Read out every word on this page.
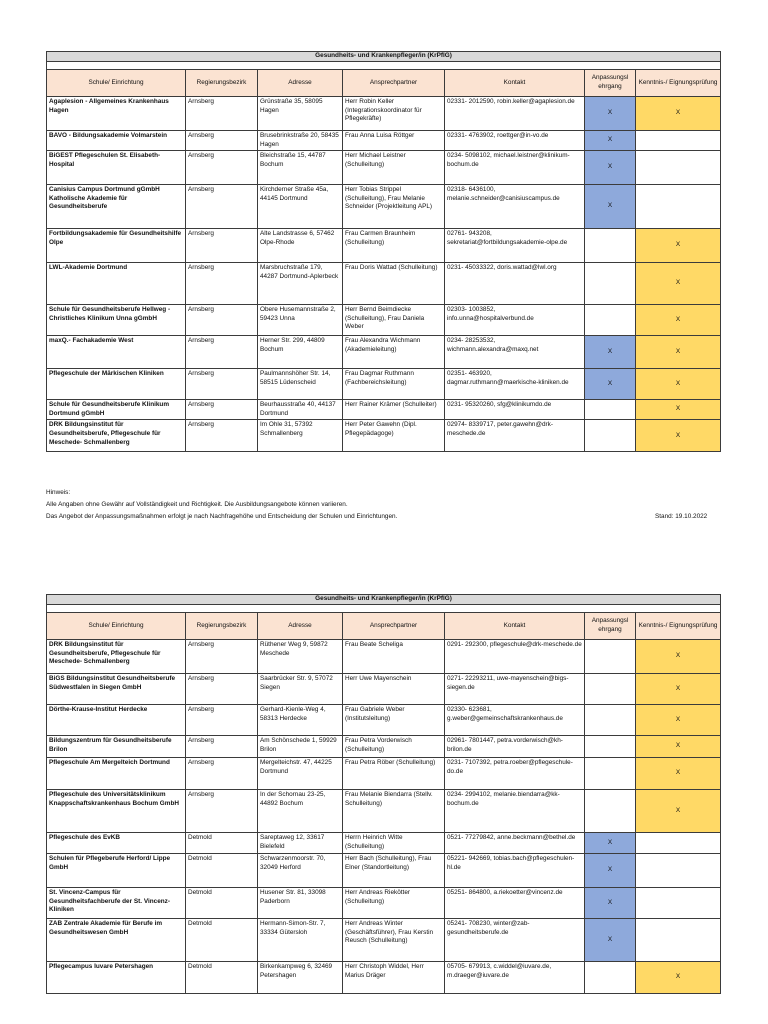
Gesundheits- und Krankenpfleger/in (KrPflG)						

Schule/ Einrichtung	Regierungsbezirk	Adresse	Ansprechpartner	Kontakt	Anpassungsl ehrgang	Kenntnis-/ Eignungsprüfung
Agaplesion - Allgemeines Krankenhaus Hagen	Arnsberg	Grünstraße 35, 58095 Hagen	Herr Robin Keller (Integrationskoordinator für Pflegekräfte)	02331- 2012590, robin.keller@agaplesion.de	X	X
BAVO - Bildungsakademie Volmarstein	Arnsberg	Brusebrinkstraße 20, 58435 Hagen	Frau Anna Luisa Röttger	02331- 4763902, roettger@in-vo.de	X	
BiGEST Pflegeschulen St. Elisabeth-Hospital	Arnsberg	Bleichstraße 15, 44787 Bochum	Herr Michael Leistner (Schulleitung)	0234- 5098102, michael.leistner@klinikum-bochum.de	X	
Canisius Campus Dortmund gGmbH Katholische Akademie für Gesundheitsberufe	Arnsberg	Kirchderner Straße 45a, 44145 Dortmund	Herr Tobias Strippel (Schulleitung), Frau Melanie Schneider (Projektleitung APL)	02318- 6436100, melanie.schneider@canisiuscampus.de	X	
Fortbildungsakademie für Gesundheitshilfe Olpe	Arnsberg	Alte Landstrasse 6, 57462 Olpe-Rhode	Frau Carmen Braunheim (Schulleitung)	02761- 943208, sekretariat@fortbildungsakademie-olpe.de		X
LWL-Akademie Dortmund	Arnsberg	Marsbruchstraße 179, 44287 Dortmund-Aplerbeck	Frau Doris Wattad (Schulleitung)	0231- 45033322, doris.wattad@lwl.org		X
Schule für Gesundheitsberufe Hellweg - Christliches Klinikum Unna gGmbH	Arnsberg	Obere Husemannstraße 2, 59423 Unna	Herr Bernd Beimdiecke (Schulleitung), Frau Daniela Weber	02303- 1003852, info.unna@hospitalverbund.de		X
maxQ.- Fachakademie West	Arnsberg	Herner Str. 299, 44809 Bochum	Frau Alexandra Wichmann (Akademieleitung)	0234- 28253532, wichmann.alexandra@maxq.net	X	X
Pflegeschule der Märkischen Kliniken	Arnsberg	Paulmannshöher Str. 14, 58515 Lüdenscheid	Frau Dagmar Ruthmann (Fachbereichsleitung)	02351- 463920, dagmar.ruthmann@maerkische-kliniken.de	X	X
Schule für Gesundheitsberufe Klinikum Dortmund gGmbH	Arnsberg	Beurhausstraße 40, 44137 Dortmund	Herr Rainer Krämer (Schulleiter)	0231- 95320260, sfg@klinikumdo.de		X
DRK Bildungsinstitut für Gesundheitsberufe, Pflegeschule für Meschede- Schmallenberg	Arnsberg	Im Ohle 31, 57392 Schmallenberg	Herr Peter Gawehn (Dipl. Pflegepädagoge)	02974- 8339717, peter.gawehn@drk-meschede.de		X
Hinweis:
Alle Angaben ohne Gewähr auf Vollständigkeit und Richtigkeit. Die Ausbildungsangebote können variieren.
Das Angebot der Anpassungsmaßnahmen erfolgt je nach Nachfragehöhe und Entscheidung der Schulen und Einrichtungen.	Stand: 19.10.2022
Gesundheits- und Krankenpfleger/in (KrPflG)						

Schule/ Einrichtung	Regierungsbezirk	Adresse	Ansprechpartner	Kontakt	Anpassungsl ehrgang	Kenntnis-/ Eignungsprüfung
DRK Bildungsinstitut für Gesundheitsberufe, Pflegeschule für Meschede- Schmallenberg	Arnsberg	Rüthener Weg 9, 59872 Meschede	Frau Beate Scheliga	0291- 292300, pflegeschule@drk-meschede.de		X
BiGS Bildungsinstitut Gesundheitsberufe Südwestfalen in Siegen GmbH	Arnsberg	Saarbrücker Str. 9, 57072 Siegen	Herr Uwe Mayenschein	0271- 22293211, uwe-mayenschein@bigs-siegen.de		X
Dörthe-Krause-Institut Herdecke	Arnsberg	Gerhard-Kienle-Weg 4, 58313 Herdecke	Frau Gabriele Weber (Institutsleitung)	02330- 623681, g.weber@gemeinschaftskrankenhaus.de		X
Bildungszentrum für Gesundheitsberufe Brilon	Arnsberg	Am Schönschede 1, 59929 Brilon	Frau Petra Vorderwisch (Schulleitung)	02961- 7801447, petra.vorderwisch@kh-brilon.de		X
Pflegeschule Am Mergelteich Dortmund	Arnsberg	Mergelteichstr. 47, 44225 Dortmund	Frau Petra Röber (Schulleitung)	0231- 7107392, petra.roeber@pflegeschule-do.de		X
Pflegeschule des Universitätsklinikum Knappschaftskrankenhaus Bochum GmbH	Arnsberg	In der Schornau 23-25, 44892 Bochum	Frau Melanie Biendarra (Stellv. Schulleitung)	0234- 2994102, melanie.biendarra@kk-bochum.de		X
Pflegeschule des EvKB	Detmold	Sareptaweg 12, 33617 Bielefeld	Herrn Heinrich Witte (Schulleitung)	0521- 77279842, anne.beckmann@bethel.de	X	
Schulen für Pflegeberufe Herford/ Lippe GmbH	Detmold	Schwarzenmoorstr. 70, 32049 Herford	Herr Bach (Schulleitung), Frau Elner (Standortleitung)	05221- 942669, tobias.bach@pflegeschulen-hl.de	X	
St. Vincenz-Campus für Gesundheitsfachberufe der St. Vincenz-Kliniken	Detmold	Husener Str. 81, 33098 Paderborn	Herr Andreas Riekötter (Schulleitung)	05251- 864800, a.riekoetter@vincenz.de	X	
ZAB Zentrale Akademie für Berufe im Gesundheitswesen GmbH	Detmold	Hermann-Simon-Str. 7, 33334 Gütersloh	Herr Andreas Winter (Geschäftsführer), Frau Kerstin Reusch (Schulleitung)	05241- 708230, winter@zab-gesundheitsberufe.de	X	
Pflegecampus Iuvare Petershagen	Detmold	Birkenkampweg 6, 32469 Petershagen	Herr Christoph Widdel, Herr Marius Dräger	05705- 679913, c.widdel@iuvare.de, m.draeger@iuvare.de		X
